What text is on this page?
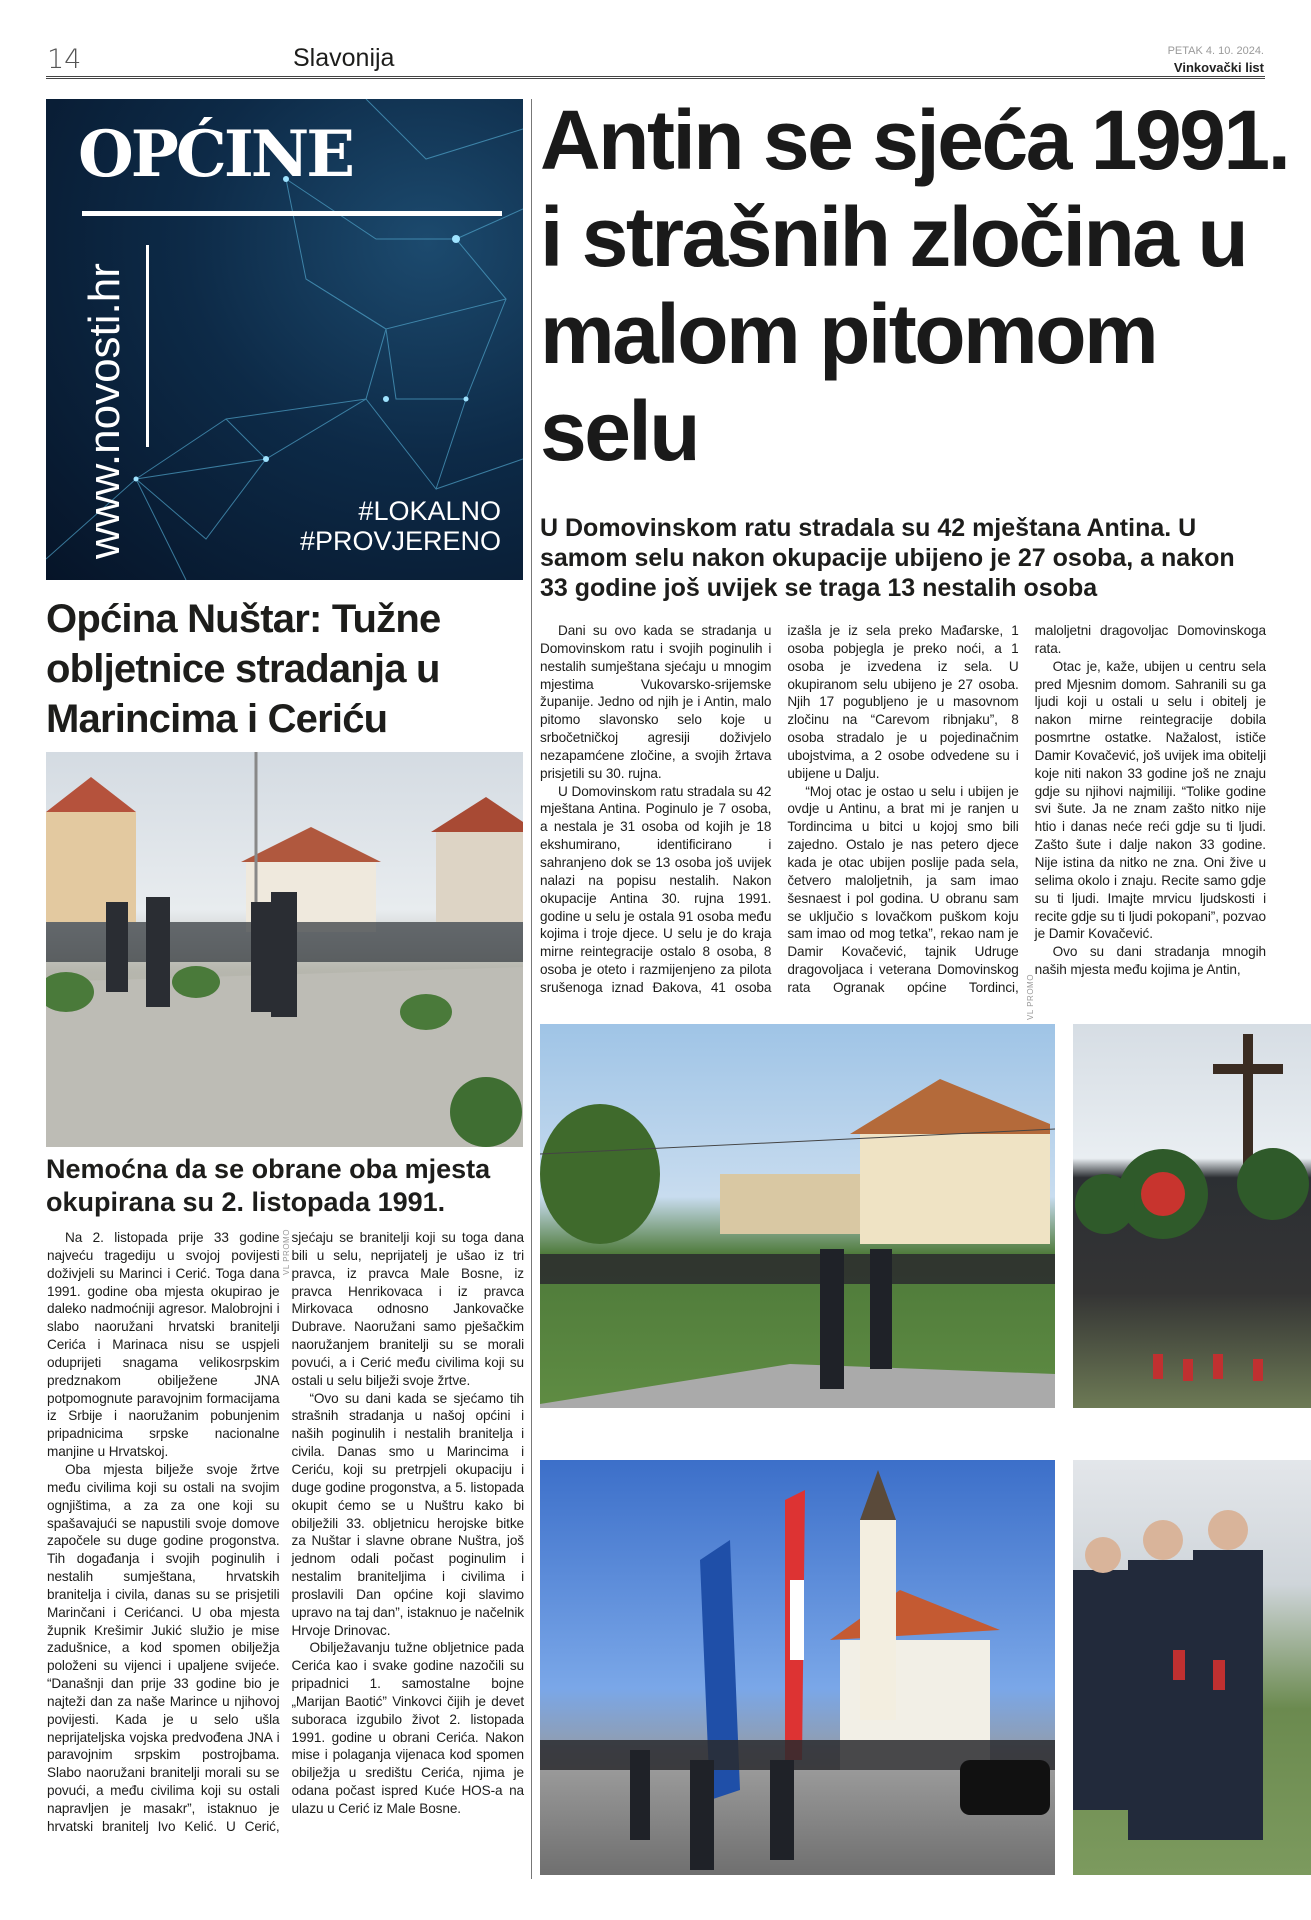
14	Slavonija	PETAK 4. 10. 2024.
Vinkovački list
OPĆINE
www.novosti.hr	#LOKALNO
#PROVJERENO
Općina Nuštar: Tužne obljetnice stradanja u Marincima i Ceriću
Nemoćna da se obrane oba mjesta okupirana su 2. listopada 1991.

Na 2. listopada prije 33 godine najveću tragediju u svojoj povijesti doživjeli su Marinci i Cerić. Toga dana 1991. godine oba mjesta okupirao je daleko nadmoćniji agresor. Malobrojni i slabo naoružani hrvatski branitelji Cerića i Marinaca nisu se uspjeli oduprijeti snagama velikosrpskim predznakom obilježene JNA potpomognute paravojnim formacijama iz Srbije i naoružanim pobunjenim pripadnicima srpske nacionalne manjine u Hrvatskoj.

Oba mjesta bilježe svoje žrtve među civilima koji su ostali na svojim ognjištima, a za za one koji su spašavajući se napustili svoje domove započele su duge godine progonstva. Tih događanja i svojih poginulih i nestalih sumještana, hrvatskih branitelja i civila, danas su se prisjetili Marinčani i Cerićanci. U oba mjesta župnik Krešimir Jukić služio je mise zadušnice, a kod spomen obilježja položeni su vijenci i upaljene svijeće. “Današnji dan prije 33 godine bio je najteži dan za naše Marince u njihovoj povijesti. Kada je u selo ušla neprijateljska vojska predvođena JNA i paravojnim srpskim postrojbama. Slabo naoružani branitelji morali su se povući, a među civilima koji su ostali napravljen je masakr”, istaknuo je hrvatski branitelj Ivo Kelić. U Cerić, sjećaju se branitelji koji su toga dana bili u selu, neprijatelj je ušao iz tri pravca, iz pravca Male Bosne, iz pravca Henrikovaca i iz pravca Mirkovaca odnosno Jankovačke Dubrave. Naoružani samo pješačkim naoružanjem branitelji su se morali povući, a i Cerić među civilima koji su ostali u selu bilježi svoje žrtve.

“Ovo su dani kada se sjećamo tih strašnih stradanja u našoj općini i naših poginulih i nestalih branitelja i civila. Danas smo u Marincima i Ceriću, koji su pretrpjeli okupaciju i duge godine progonstva, a 5. listopada okupit ćemo se u Nuštru kako bi obilježili 33. obljetnicu herojske bitke za Nuštar i slavne obrane Nuštra, još jednom odali počast poginulim i nestalim braniteljima i civilima i proslavili Dan općine koji slavimo upravo na taj dan”, istaknuo je načelnik Hrvoje Drinovac.

Obilježavanju tužne obljetnice pada Cerića kao i svake godine nazočili su pripadnici 1. samostalne bojne „Marijan Baotić” Vinkovci čijih je devet suboraca izgubilo život 2. listopada 1991. godine u obrani Cerića. Nakon mise i polaganja vijenaca kod spomen obilježja u središtu Cerića, njima je odana počast ispred Kuće HOS-a na ulazu u Cerić iz Male Bosne.

VL PROMO
Antin se sjeća 1991. i strašnih zločina u malom pitomom selu
U Domovinskom ratu stradala su 42 mještana Antina. U samom selu nakon okupacije ubijeno je 27 osoba, a nakon 33 godine još uvijek se traga 13 nestalih osoba

Dani su ovo kada se stradanja u Domovinskom ratu i svojih poginulih i nestalih sumještana sjećaju u mnogim mjestima Vukovarsko-srijemske županije. Jedno od njih je i Antin, malo pitomo slavonsko selo koje u srbočetničkoj agresiji doživjelo nezapamćene zločine, a svojih žrtava prisjetili su 30. rujna.

U Domovinskom ratu stradala su 42 mještana Antina. Poginulo je 7 osoba, a nestala je 31 osoba od kojih je 18 ekshumirano, identificirano i sahranjeno dok se 13 osoba još uvijek nalazi na popisu nestalih. Nakon okupacije Antina 30. rujna 1991. godine u selu je ostala 91 osoba među kojima i troje djece. U selu je do kraja mirne reintegracije ostalo 8 osoba, 8 osoba je oteto i razmijenjeno za pilota srušenoga iznad Đakova, 41 osoba izašla je iz sela preko Mađarske, 1 osoba pobjegla je preko noći, a 1 osoba je izvedena iz sela. U okupiranom selu ubijeno je 27 osoba. Njih 17 pogubljeno je u masovnom zločinu na “Carevom ribnjaku”, 8 osoba stradalo je u pojedinačnim ubojstvima, a 2 osobe odvedene su i ubijene u Dalju.

“Moj otac je ostao u selu i ubijen je ovdje u Antinu, a brat mi je ranjen u Tordincima u bitci u kojoj smo bili zajedno. Ostalo je nas petero djece kada je otac ubijen poslije pada sela, četvero maloljetnih, ja sam imao šesnaest i pol godina. U obranu sam se uključio s lovačkom puškom koju sam imao od mog tetka”, rekao nam je Damir Kovačević, tajnik Udruge dragovoljaca i veterana Domovinskog rata Ogranak općine Tordinci, maloljetni dragovoljac Domovinskoga rata.

Otac je, kaže, ubijen u centru sela pred Mjesnim domom. Sahranili su ga ljudi koji u ostali u selu i obitelj je nakon mirne reintegracije dobila posmrtne ostatke. Nažalost, ističe Damir Kovačević, još uvijek ima obitelji koje niti nakon 33 godine još ne znaju gdje su njihovi najmiliji. “Tolike godine svi šute. Ja ne znam zašto nitko nije htio i danas neće reći gdje su ti ljudi. Zašto šute i dalje nakon 33 godine. Nije istina da nitko ne zna. Oni žive u selima okolo i znaju. Recite samo gdje su ti ljudi. Imajte mrvicu ljudskosti i recite gdje su ti ljudi pokopani”, pozvao je Damir Kovačević.

Ovo su dani stradanja mnogih naših mjesta među kojima je Antin,

VL PROMO
